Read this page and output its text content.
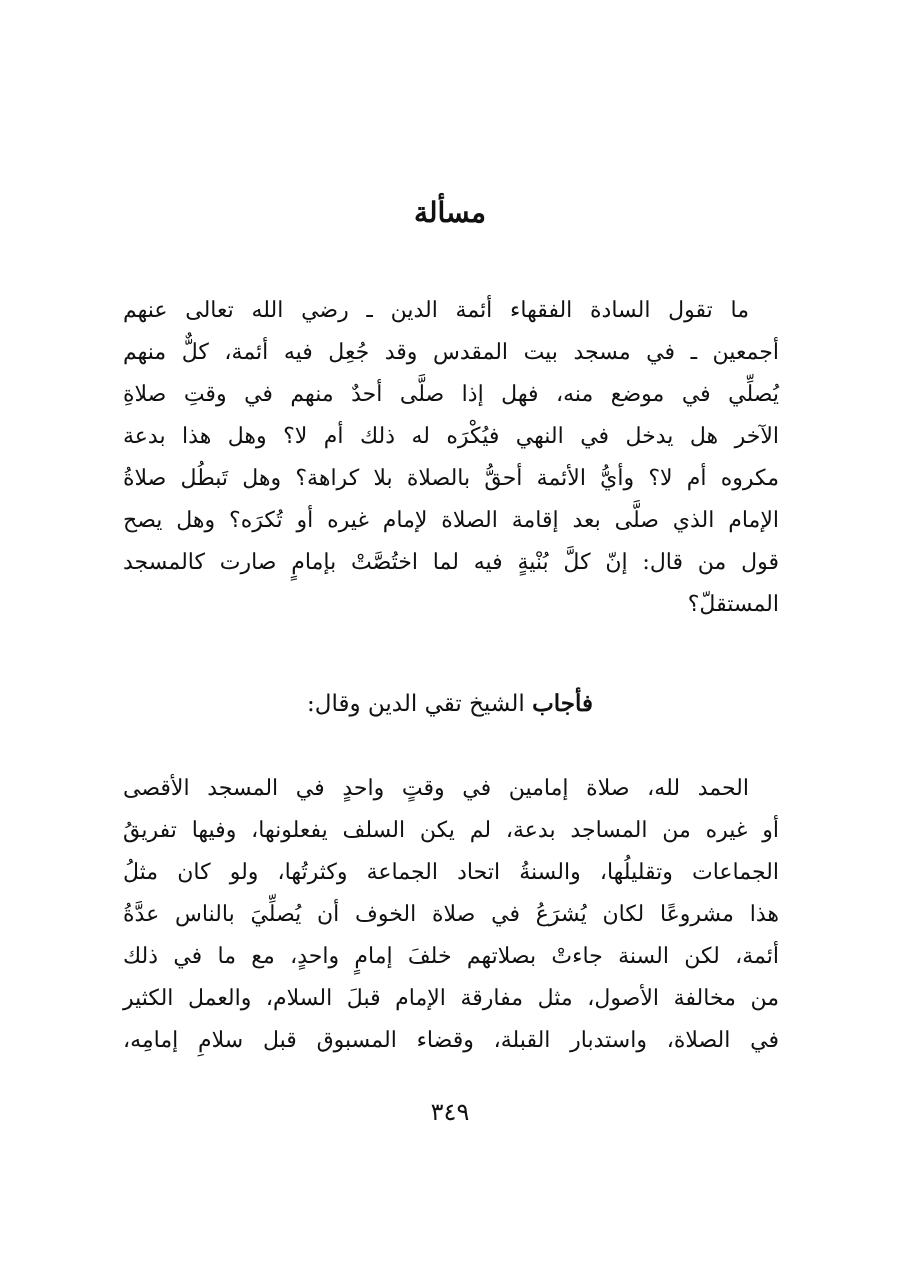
مسألة
ما تقول السادة الفقهاء أئمة الدين ـ رضي الله تعالى عنهم
أجمعين ـ في مسجد بيت المقدس وقد جُعِل فيه أئمة، كلٌّ منهم
يُصلِّي في موضع منه، فهل إذا صلَّى أحدٌ منهم في وقتِ صلاةِ
الآخر هل يدخل في النهي فيُكْرَه له ذلك أم لا؟ وهل هذا بدعة
مكروه أم لا؟ وأيُّ الأئمة أحقُّ بالصلاة بلا كراهة؟ وهل تَبطُل صلاةُ
الإمام الذي صلَّى بعد إقامة الصلاة لإمام غيره أو تُكرَه؟ وهل يصح
قول من قال: إنّ كلَّ بُنْيةٍ فيه لما اختُصَّتْ بإمامٍ صارت كالمسجد
المستقلّ؟
فأجاب الشيخ تقي الدين وقال:
الحمد لله، صلاة إمامين في وقتٍ واحدٍ في المسجد الأقصى
أو غيره من المساجد بدعة، لم يكن السلف يفعلونها، وفيها تفريقُ
الجماعات وتقليلُها، والسنةُ اتحاد الجماعة وكثرتُها، ولو كان مثلُ
هذا مشروعًا لكان يُشرَعُ في صلاة الخوف أن يُصلِّيَ بالناس عدَّةُ
أئمة، لكن السنة جاءتْ بصلاتهم خلفَ إمامٍ واحدٍ، مع ما في ذلك
من مخالفة الأصول، مثل مفارقة الإمام قبلَ السلام، والعمل الكثير
في الصلاة، واستدبار القبلة، وقضاء المسبوق قبل سلامِ إمامِه،
٣٤٩
